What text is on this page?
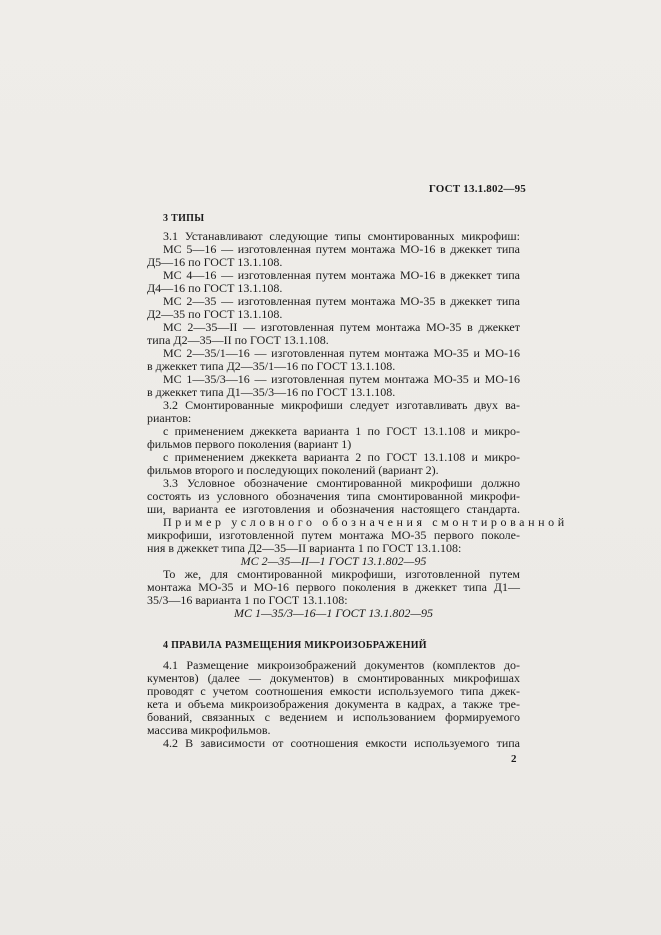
ГОСТ 13.1.802—95
3 ТИПЫ
3.1 Устанавливают следующие типы смонтированных микрофиш:
МС 5—16 — изготовленная путем монтажа МО-16 в джеккет типа
Д5—16 по ГОСТ 13.1.108.
МС 4—16 — изготовленная путем монтажа МО-16 в джеккет типа
Д4—16 по ГОСТ 13.1.108.
МС 2—35 — изготовленная путем монтажа МО-35 в джеккет типа
Д2—35 по ГОСТ 13.1.108.
МС 2—35—II — изготовленная путем монтажа МО-35 в джеккет
типа Д2—35—II по ГОСТ 13.1.108.
МС 2—35/1—16 — изготовленная путем монтажа МО-35 и МО-16
в джеккет типа Д2—35/1—16 по ГОСТ 13.1.108.
МС 1—35/3—16 — изготовленная путем монтажа МО-35 и МО-16
в джеккет типа Д1—35/3—16 по ГОСТ 13.1.108.
3.2 Смонтированные микрофиши следует изготавливать двух ва-
риантов:
с применением джеккета варианта 1 по ГОСТ 13.1.108 и микро-
фильмов первого поколения (вариант 1)
с применением джеккета варианта 2 по ГОСТ 13.1.108 и микро-
фильмов второго и последующих поколений (вариант 2).
3.3 Условное обозначение смонтированной микрофиши должно
состоять из условного обозначения типа смонтированной микрофи-
ши, варианта ее изготовления и обозначения настоящего стандарта.
Пример условного обозначения смонтированной
микрофиши, изготовленной путем монтажа МО-35 первого поколе-
ния в джеккет типа Д2—35—II варианта 1 по ГОСТ 13.1.108:
МС 2—35—II—1 ГОСТ 13.1.802—95
То же, для смонтированной микрофиши, изготовленной путем
монтажа МО-35 и МО-16 первого поколения в джеккет типа Д1—
35/3—16 варианта 1 по ГОСТ 13.1.108:
МС 1—35/3—16—1 ГОСТ 13.1.802—95
4 ПРАВИЛА РАЗМЕЩЕНИЯ МИКРОИЗОБРАЖЕНИЙ
4.1 Размещение микроизображений документов (комплектов до-
кументов) (далее — документов) в смонтированных микрофишах
проводят с учетом соотношения емкости используемого типа джек-
кета и объема микроизображения документа в кадрах, а также тре-
бований, связанных с ведением и использованием формируемого
массива микрофильмов.
4.2 В зависимости от соотношения емкости используемого типа
2
